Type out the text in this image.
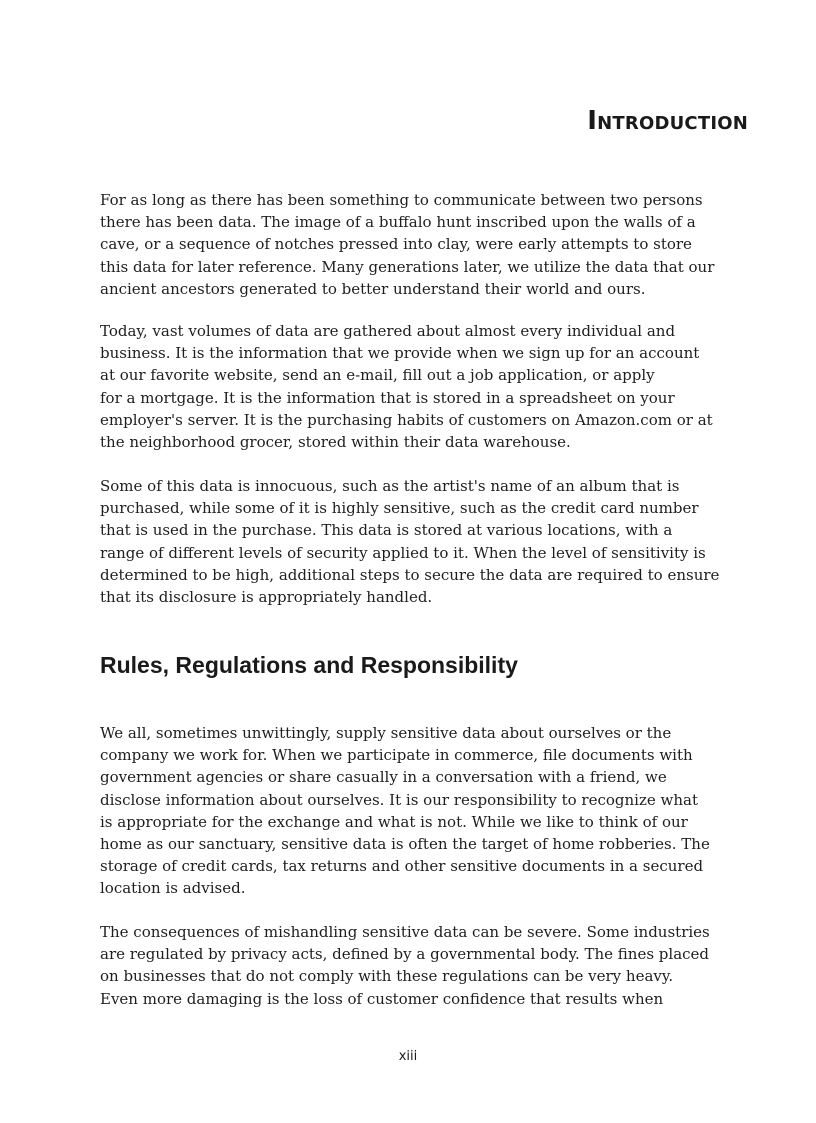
Introduction

For as long as there has been something to communicate between two persons
there has been data. The image of a buffalo hunt inscribed upon the walls of a
cave, or a sequence of notches pressed into clay, were early attempts to store
this data for later reference. Many generations later, we utilize the data that our
ancient ancestors generated to better understand their world and ours.

Today, vast volumes of data are gathered about almost every individual and
business. It is the information that we provide when we sign up for an account
at our favorite website, send an e-mail, fill out a job application, or apply
for a mortgage. It is the information that is stored in a spreadsheet on your
employer's server. It is the purchasing habits of customers on Amazon.com or at
the neighborhood grocer, stored within their data warehouse.

Some of this data is innocuous, such as the artist's name of an album that is
purchased, while some of it is highly sensitive, such as the credit card number
that is used in the purchase. This data is stored at various locations, with a
range of different levels of security applied to it. When the level of sensitivity is
determined to be high, additional steps to secure the data are required to ensure
that its disclosure is appropriately handled.

Rules, Regulations and Responsibility

We all, sometimes unwittingly, supply sensitive data about ourselves or the
company we work for. When we participate in commerce, file documents with
government agencies or share casually in a conversation with a friend, we
disclose information about ourselves. It is our responsibility to recognize what
is appropriate for the exchange and what is not. While we like to think of our
home as our sanctuary, sensitive data is often the target of home robberies. The
storage of credit cards, tax returns and other sensitive documents in a secured
location is advised.

The consequences of mishandling sensitive data can be severe. Some industries
are regulated by privacy acts, defined by a governmental body. The fines placed
on businesses that do not comply with these regulations can be very heavy.
Even more damaging is the loss of customer confidence that results when

xiii
